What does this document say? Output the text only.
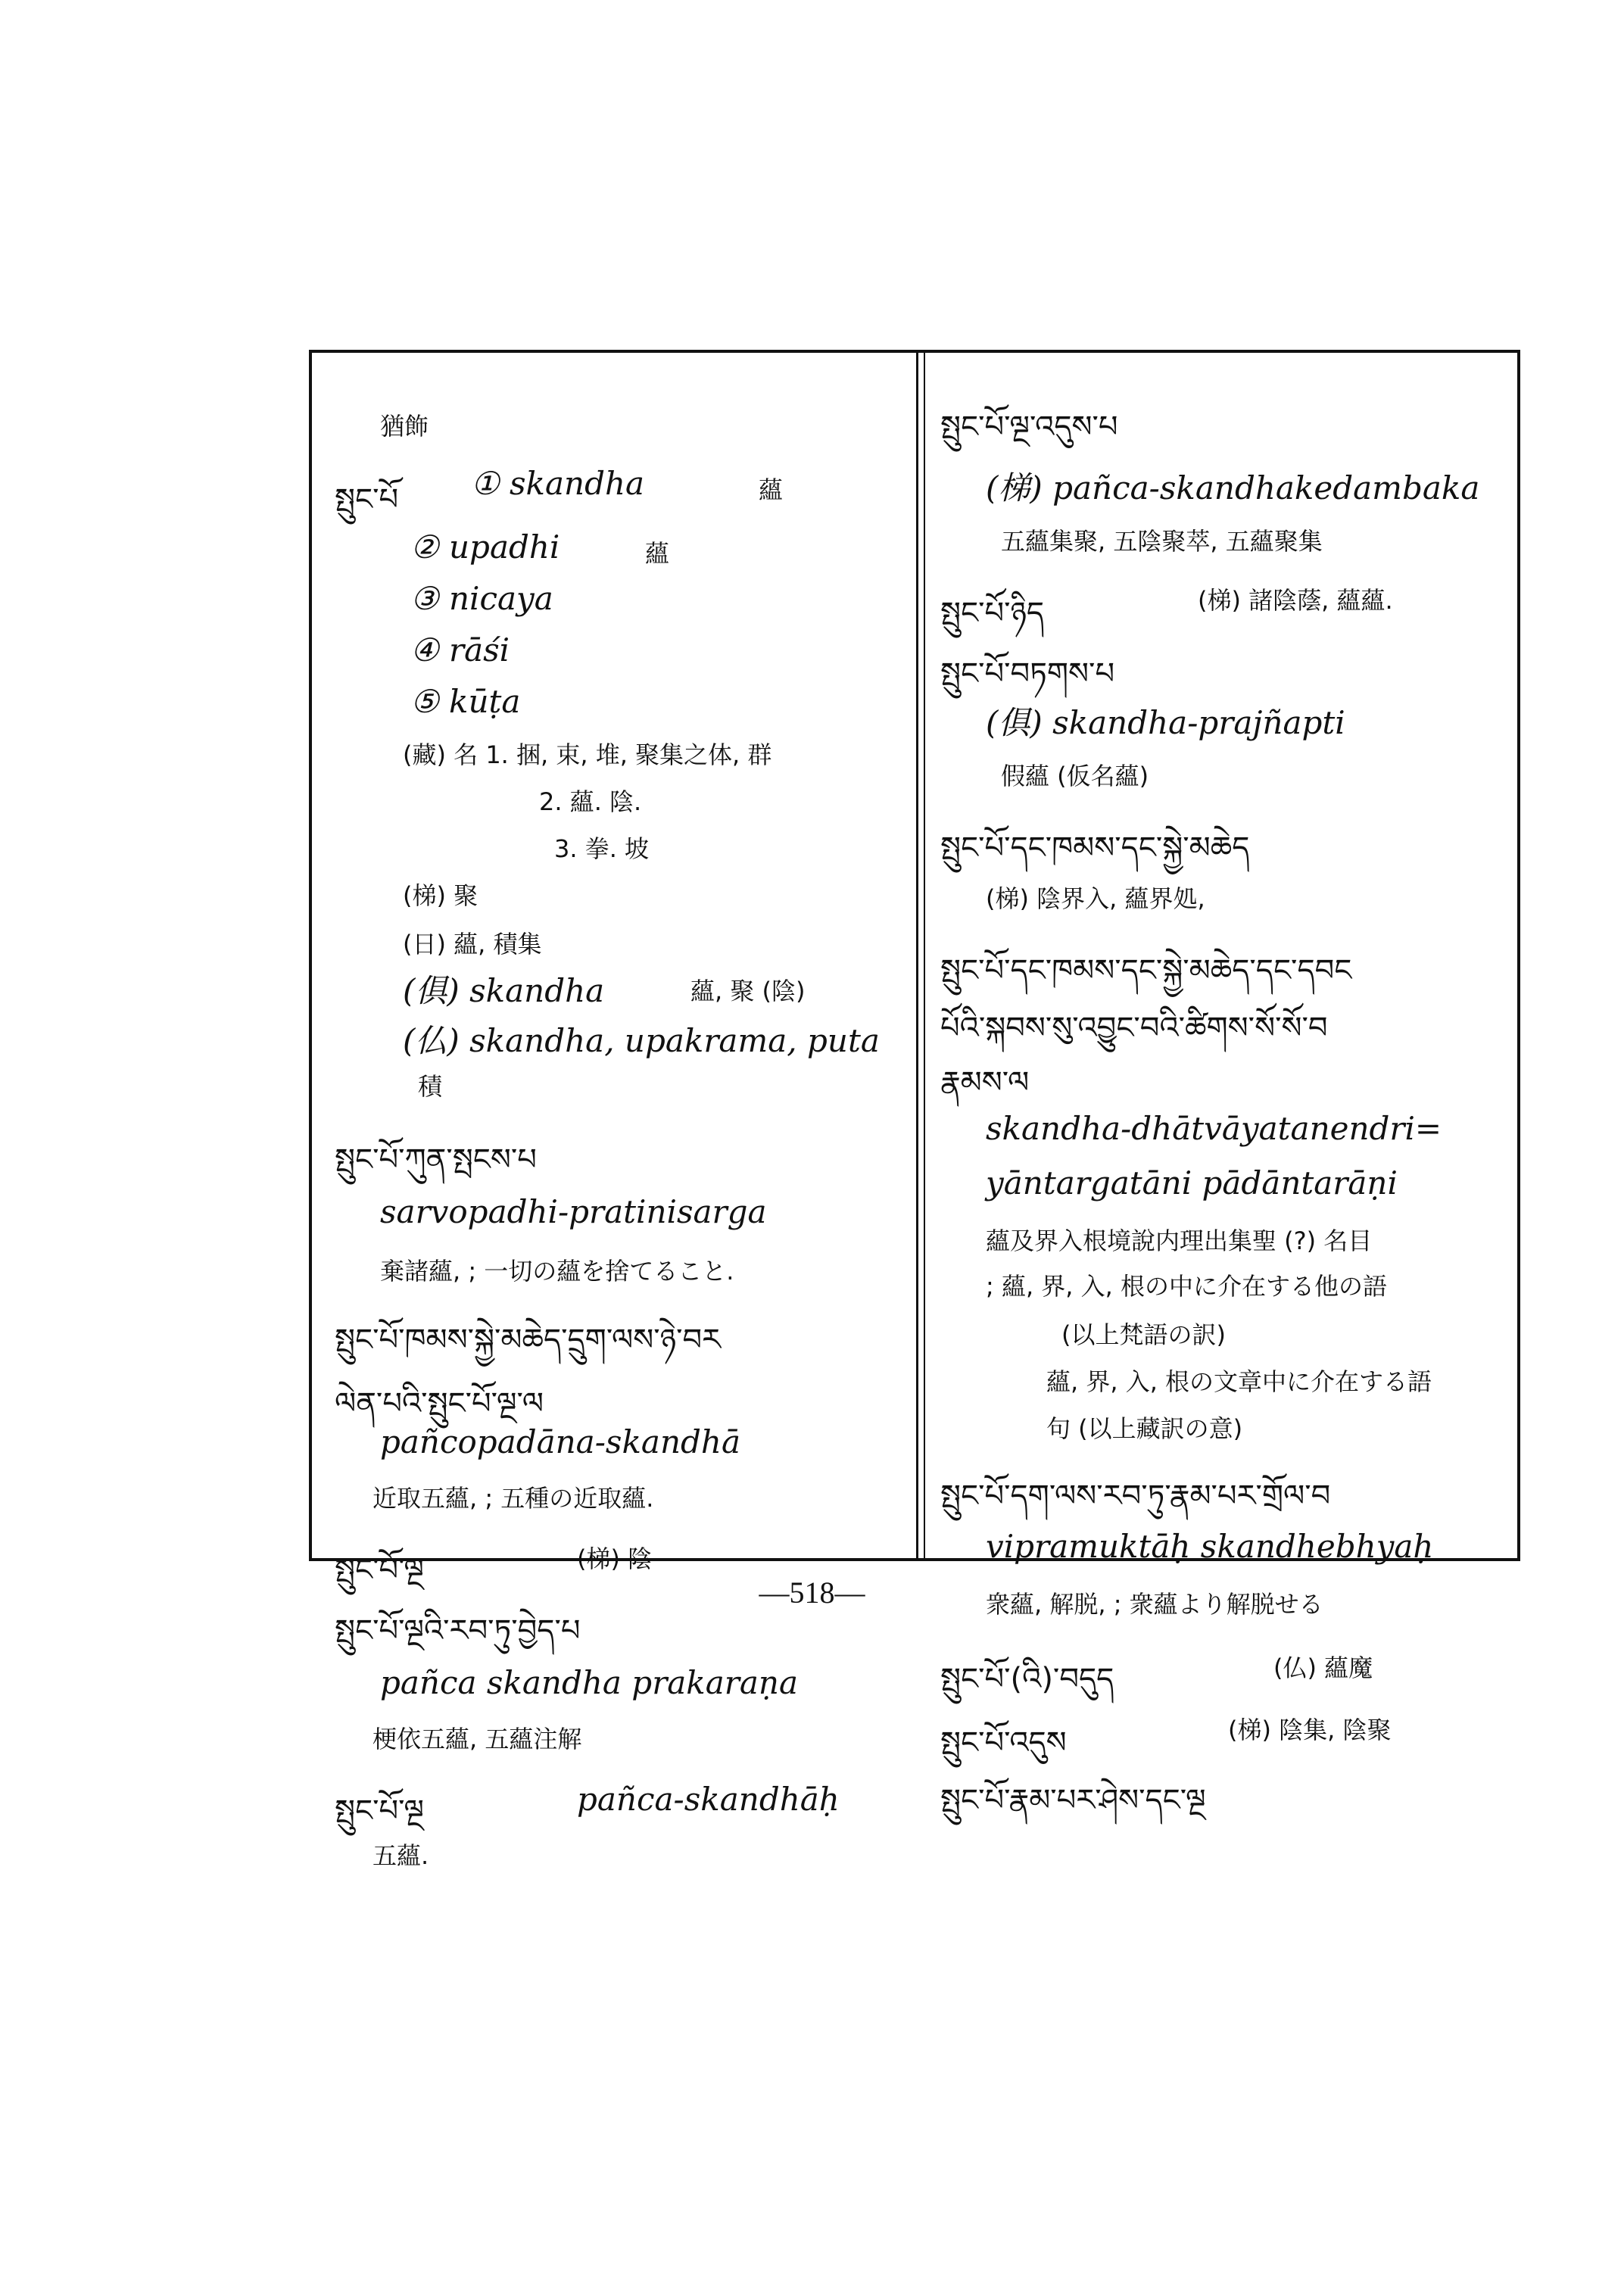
猶飾
སྤུང་པོ ① skandha	蘊
② upadhi	蘊
③ nicaya
④ rāśi
⑤ kūṭa
(藏) 名 1. 捆, 束, 堆, 聚集之体, 群
2. 蘊. 陰.
3. 拳. 坡
(梯) 聚
(日) 蘊, 積集
(俱) skandha	蘊, 聚 (陰)
(仏) skandha, upakrama, puta
積
སྤུང་པོ་ཀུན་སྤངས་པ
sarvopadhi-pratinisarga
棄諸蘊, ; 一切の蘊を捨てること.
སྤུང་པོ་ཁམས་སྐྱེ་མཆེད་དྲུག་ལས་ཉེ་བར
ལེན་པའི་སྤུང་པོ་ལྔ་ལ
pañcopadāna-skandhā
近取五蘊, ; 五種の近取蘊.
སྤུང་པོ་ལྔ	(梯) 陰
སྤུང་པོ་ལྔའི་རབ་ཏུ་བྱེད་པ
pañca skandha prakaraṇa
梗依五蘊, 五蘊注解
སྤུང་པོ་ལྔ	pañca-skandhāḥ
五蘊.
སྤུང་པོ་ལྔ་འདུས་པ
(梯) pañca-skandhakedambaka
五蘊集聚, 五陰聚萃, 五蘊聚集
སྤུང་པོ་ཉིད	(梯) 諸陰蔭, 蘊蘊.
སྤུང་པོ་བཏགས་པ
(俱) skandha-prajñapti
假蘊 (仮名蘊)
སྤུང་པོ་དང་ཁམས་དང་སྐྱེ་མཆེད
(梯) 陰界入, 蘊界処,
སྤུང་པོ་དང་ཁམས་དང་སྐྱེ་མཆེད་དང་དབང
པོའི་སྐབས་སུ་འབྱུང་བའི་ཚིགས་སོ་སོ་བ
རྣམས་ལ
skandha-dhātvāyatanendri=
yāntargatāni pādāntarāṇi
蘊及界入根境說内理出集聖 (?) 名目
; 蘊, 界, 入, 根の中に介在する他の語
(以上梵語の訳)
蘊, 界, 入, 根の文章中に介在する語
句 (以上藏訳の意)
སྤུང་པོ་དག་ལས་རབ་ཏུ་རྣམ་པར་གྲོལ་བ
vipramuktāḥ skandhebhyaḥ
衆蘊, 解脱, ; 衆蘊より解脱せる
སྤུང་པོ་(འི)་བདུད	(仏) 蘊魔
སྤུང་པོ་འདུས	(梯) 陰集, 陰聚
སྤུང་པོ་རྣམ་པར་ཤེས་དང་ལྔ
—518—
